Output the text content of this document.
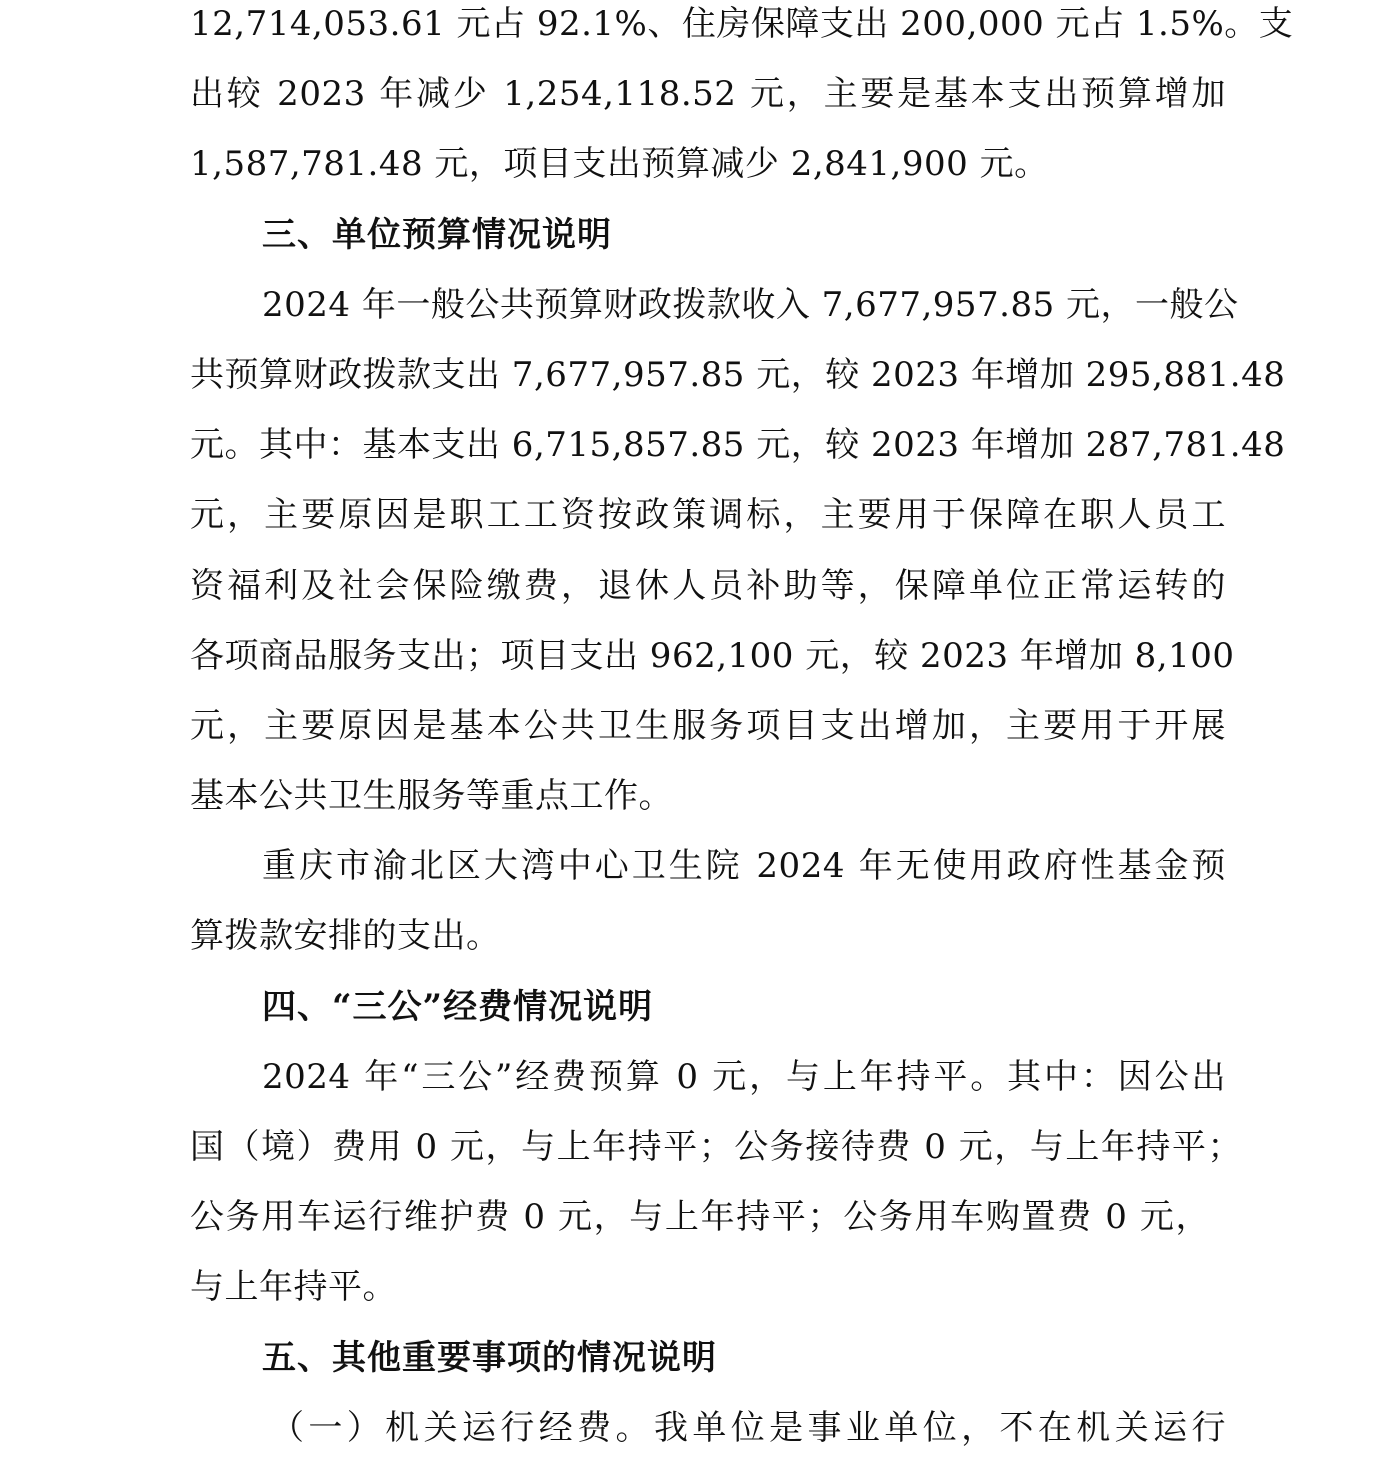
12,714,053.61 元占 92.1%、住房保障支出 200,000 元占 1.5%。支
出较 2023 年减少 1,254,118.52 元，主要是基本支出预算增加
1,587,781.48 元，项目支出预算减少 2,841,900 元。
三、单位预算情况说明
2024 年一般公共预算财政拨款收入 7,677,957.85 元，一般公
共预算财政拨款支出 7,677,957.85 元，较 2023 年增加 295,881.48
元。其中：基本支出 6,715,857.85 元，较 2023 年增加 287,781.48
元，主要原因是职工工资按政策调标，主要用于保障在职人员工
资福利及社会保险缴费，退休人员补助等，保障单位正常运转的
各项商品服务支出；项目支出 962,100 元，较 2023 年增加 8,100
元，主要原因是基本公共卫生服务项目支出增加，主要用于开展
基本公共卫生服务等重点工作。
重庆市渝北区大湾中心卫生院 2024 年无使用政府性基金预
算拨款安排的支出。
四、“三公”经费情况说明
2024 年“三公”经费预算 0 元，与上年持平。其中：因公出
国（境）费用 0 元，与上年持平；公务接待费 0 元，与上年持平；
公务用车运行维护费 0 元，与上年持平；公务用车购置费 0 元，
与上年持平。
五、其他重要事项的情况说明
（一）机关运行经费。我单位是事业单位，不在机关运行
